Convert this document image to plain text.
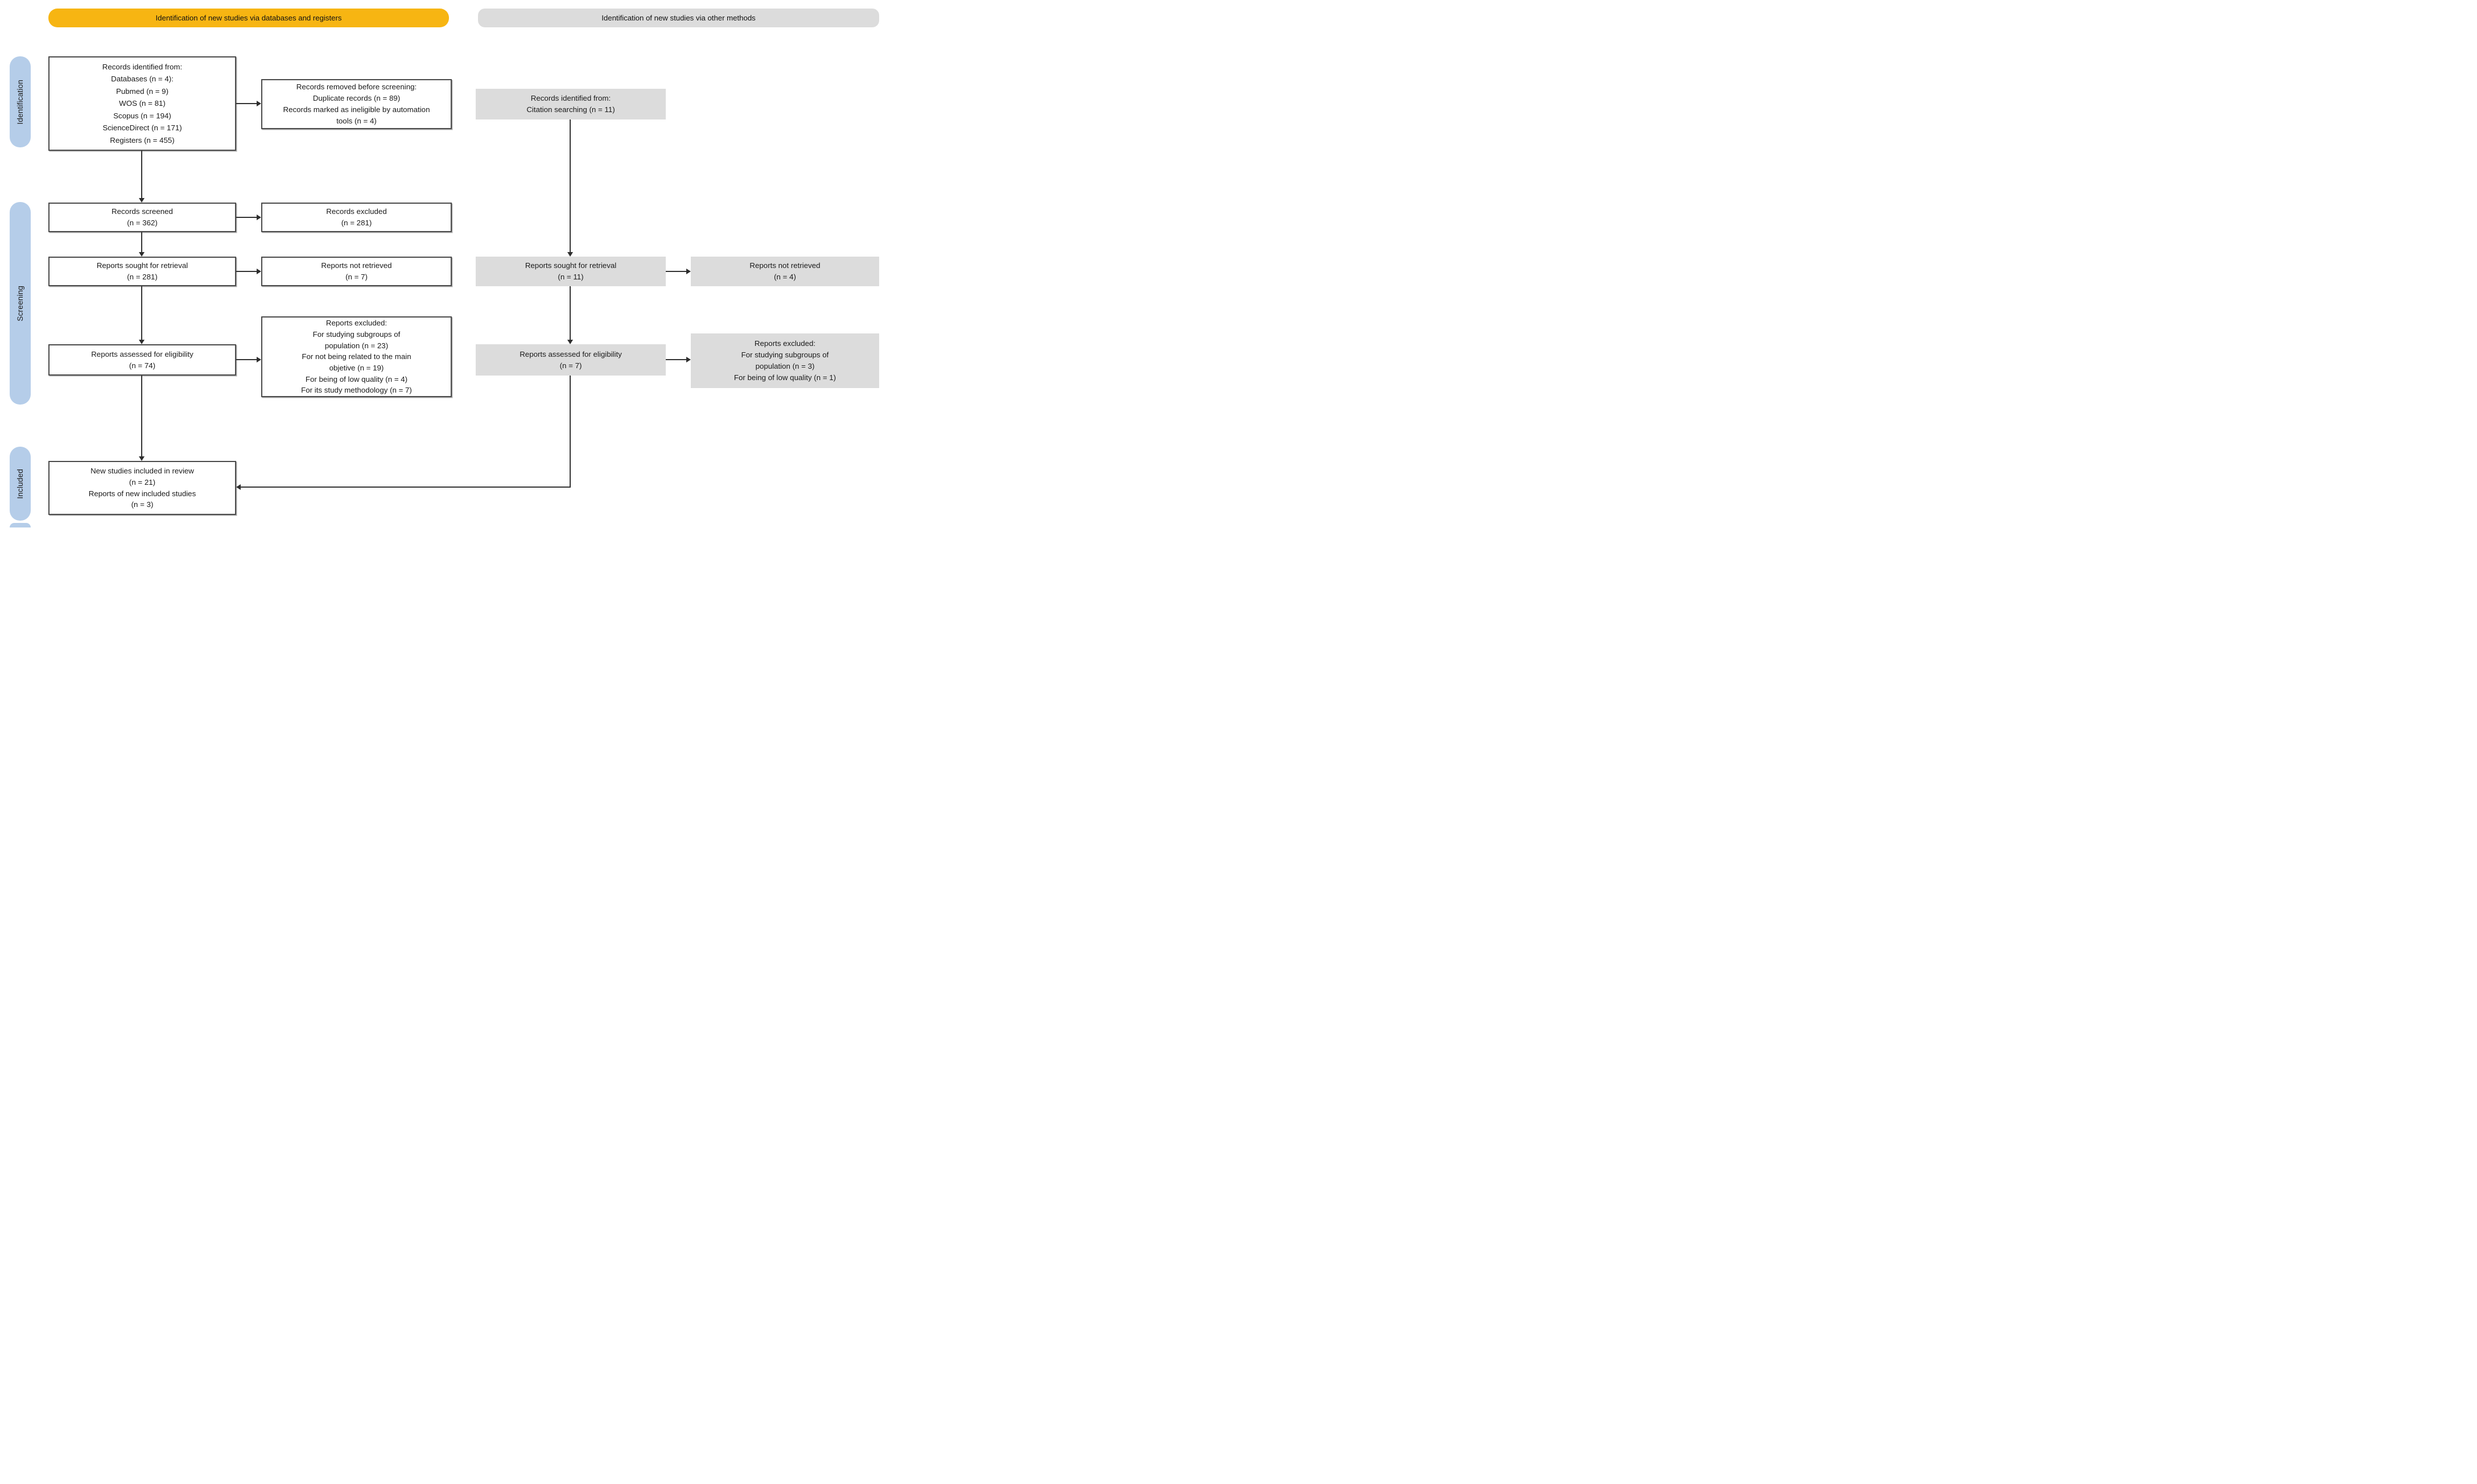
Identification of new studies via databases and registers	Identification of new studies via other methods
Identification
Screening
Included
Records identified from:
Databases (n = 4):
Pubmed (n = 9)
WOS (n = 81)
Scopus (n = 194)
ScienceDirect (n = 171)
Registers (n = 455)
Records screened
(n = 362)
Reports sought for retrieval
(n = 281)
Reports assessed for eligibility
(n = 74)
New studies included in review
(n = 21)
Reports of new included studies
(n = 3)
Records removed before screening:
Duplicate records (n = 89)
Records marked as ineligible by automation
tools (n = 4)
Records excluded
(n = 281)
Reports not retrieved
(n = 7)
Reports excluded:
For studying subgroups of
population (n = 23)
For not being related to the main
objetive (n = 19)
For being of low quality (n = 4)
For its study methodology (n = 7)
Records identified from:
Citation searching (n = 11)
Reports sought for retrieval
(n = 11)
Reports assessed for eligibility
(n = 7)
Reports not retrieved
(n = 4)
Reports excluded:
For studying subgroups of
population (n = 3)
For being of low quality (n = 1)
